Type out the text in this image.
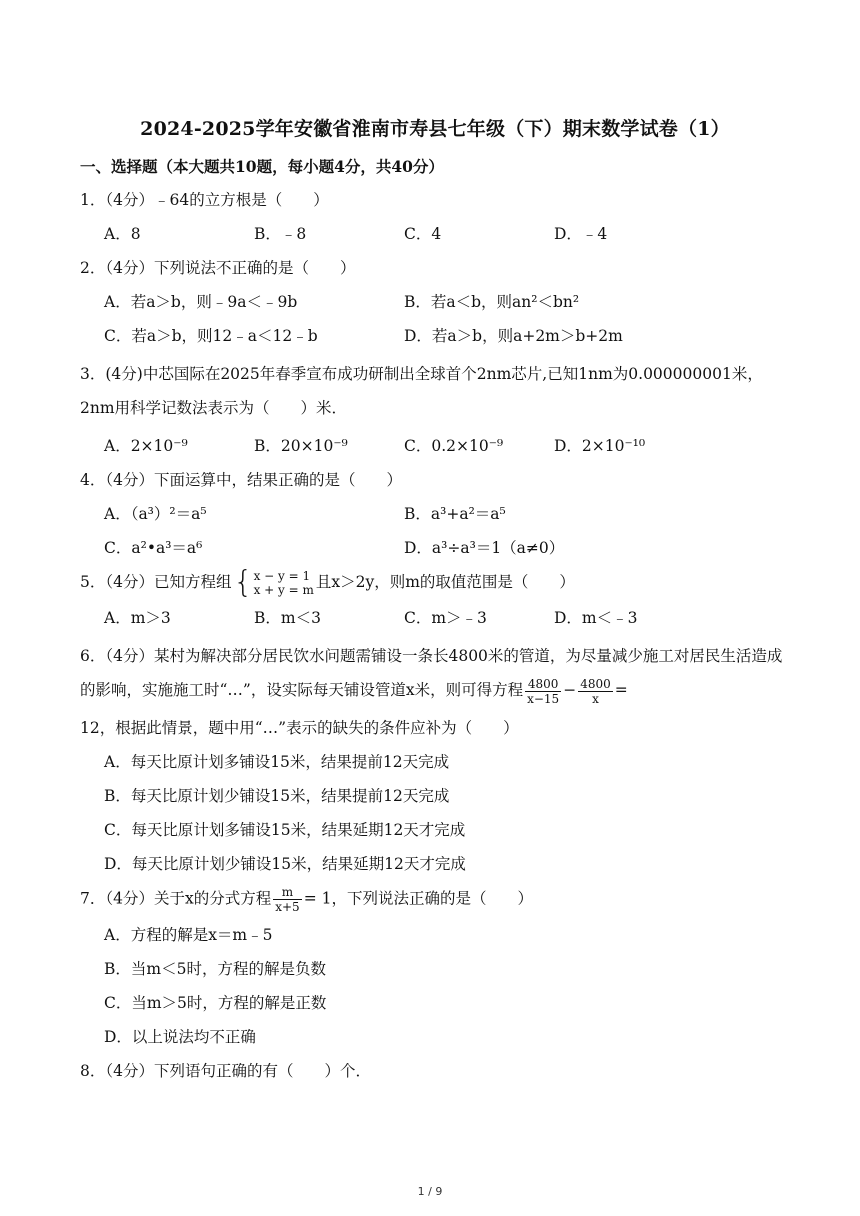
2024-2025学年安徽省淮南市寿县七年级（下）期末数学试卷（1）
一、选择题（本大题共10题，每小题4分，共40分）
1．（4分）﹣64的立方根是（　　）
A．8	B．﹣8	C．4	D．﹣4
2．（4分）下列说法不正确的是（　　）
A．若a＞b，则﹣9a＜﹣9b	B．若a＜b，则an²＜bn²
C．若a＞b，则12﹣a＜12﹣b	D．若a＞b，则a+2m＞b+2m
3．(4分)中芯国际在2025年春季宣布成功研制出全球首个2nm芯片,已知1nm为0.000000001米，2nm用科学记数法表示为（　　）米．
A．2×10⁻⁹	B．20×10⁻⁹	C．0.2×10⁻⁹	D．2×10⁻¹⁰
4．（4分）下面运算中，结果正确的是（　　）
A．（a³）²＝a⁵	B．a³+a²＝a⁵
C．a²•a³＝a⁶	D．a³÷a³＝1（a≠0）
5．（4分）已知方程组 { x − y = 1
x + y = m 且x＞2y，则m的取值范围是（　　）
A．m＞3	B．m＜3	C．m＞﹣3	D．m＜﹣3
6．（4分）某村为解决部分居民饮水问题需铺设一条长4800米的管道，为尽量减少施工对居民生活造成的影响，实施施工时“…”，设实际每天铺设管道x米，则可得方程 $\frac{4800}{x-15} - \frac{4800}{x}$ =
12，根据此情景，题中用“…”表示的缺失的条件应补为（　　）
A．每天比原计划多铺设15米，结果提前12天完成
B．每天比原计划少铺设15米，结果提前12天完成
C．每天比原计划多铺设15米，结果延期12天才完成
D．每天比原计划少铺设15米，结果延期12天才完成
7．（4分）关于x的分式方程 $\frac{m}{x+5} = 1$，下列说法正确的是（　　）
A．方程的解是x＝m﹣5
B．当m＜5时，方程的解是负数
C．当m＞5时，方程的解是正数
D．以上说法均不正确
8．（4分）下列语句正确的有（　　）个．
1 / 9
